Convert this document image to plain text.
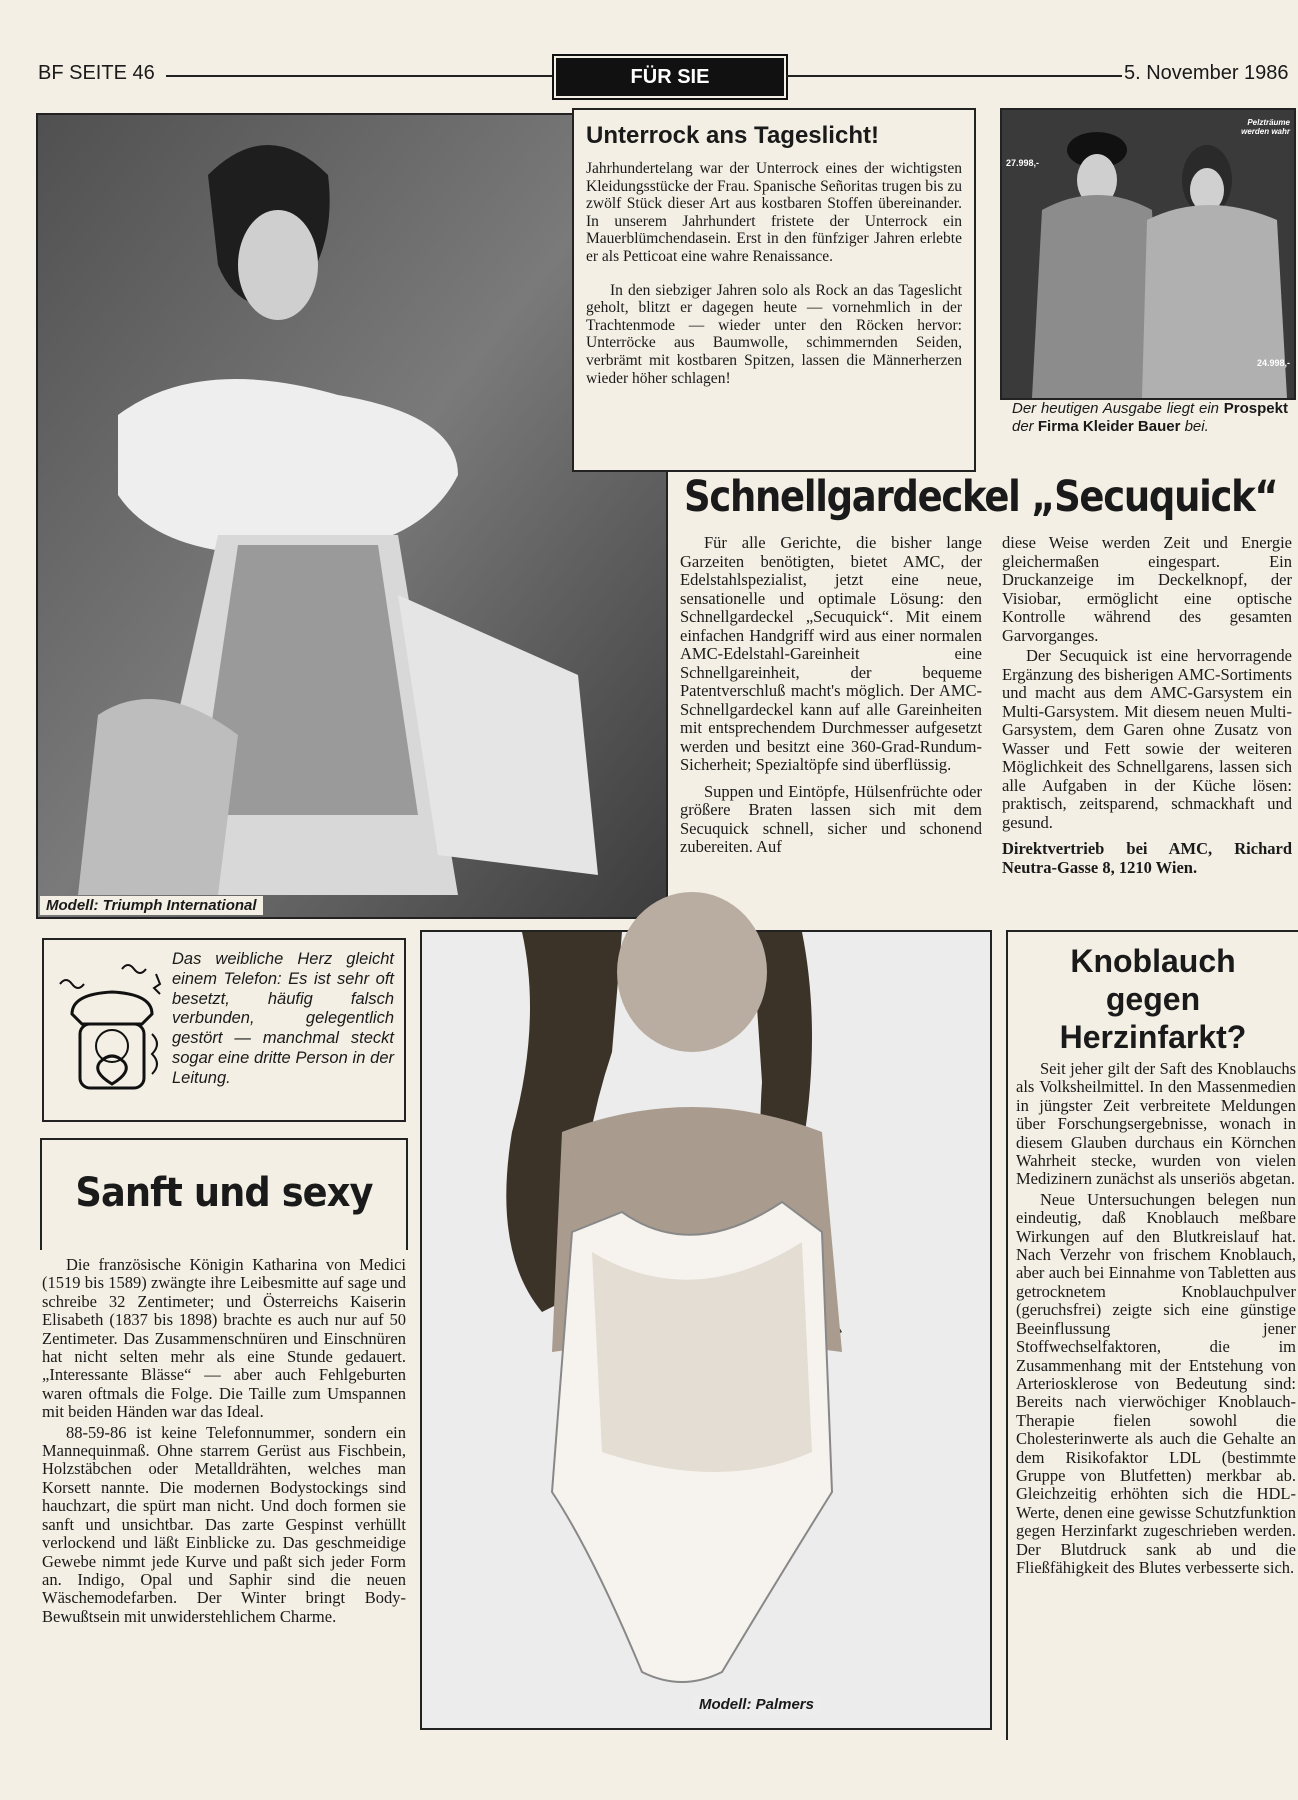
BF SEITE 46	FÜR SIE	5. November 1986
Modell: Triumph International
Unterrock ans Tageslicht!

Jahrhundertelang war der Unterrock eines der wichtigsten Kleidungsstücke der Frau. Spanische Señoritas trugen bis zu zwölf Stück dieser Art aus kostbaren Stoffen übereinander. In unserem Jahrhundert fristete der Unterrock ein Mauerblümchendasein. Erst in den fünfziger Jahren erlebte er als Petticoat eine wahre Renaissance.

In den siebziger Jahren solo als Rock an das Tageslicht geholt, blitzt er dagegen heute — vornehmlich in der Trachtenmode — wieder unter den Röcken hervor: Unterröcke aus Baumwolle, schimmernden Seiden, verbrämt mit kostbaren Spitzen, lassen die Männerherzen wieder höher schlagen!

27.998,-
Pelzträume werden wahr
24.998,-
Der heutigen Ausgabe liegt ein Prospekt der Firma Kleider Bauer bei.
Schnellgardeckel „Secuquick“

Für alle Gerichte, die bisher lange Garzeiten benötigten, bietet AMC, der Edelstahlspezialist, jetzt eine neue, sensationelle und optimale Lösung: den Schnellgardeckel „Secuquick“. Mit einem einfachen Handgriff wird aus einer normalen AMC-Edelstahl-Gareinheit eine Schnellgareinheit, der bequeme Patentverschluß macht's möglich. Der AMC-Schnellgardeckel kann auf alle Gareinheiten mit entsprechendem Durchmesser aufgesetzt werden und besitzt eine 360-Grad-Rundum-Sicherheit; Spezialtöpfe sind überflüssig.

Suppen und Eintöpfe, Hülsenfrüchte oder größere Braten lassen sich mit dem Secuquick schnell, sicher und schonend zubereiten. Auf

diese Weise werden Zeit und Energie gleichermaßen eingespart. Ein Druckanzeige im Deckelknopf, der Visiobar, ermöglicht eine optische Kontrolle während des gesamten Garvorganges.

Der Secuquick ist eine hervorragende Ergänzung des bisherigen AMC-Sortiments und macht aus dem AMC-Garsystem ein Multi-Garsystem. Mit diesem neuen Multi-Garsystem, dem Garen ohne Zusatz von Wasser und Fett sowie der weiteren Möglichkeit des Schnellgarens, lassen sich alle Aufgaben in der Küche lösen: praktisch, zeitsparend, schmackhaft und gesund.

Direktvertrieb bei AMC, Richard Neutra-Gasse 8, 1210 Wien.

Das weibliche Herz gleicht einem Telefon: Es ist sehr oft besetzt, häufig falsch verbunden, gelegentlich gestört — manchmal steckt sogar eine dritte Person in der Leitung.
Sanft und sexy

Die französische Königin Katharina von Medici (1519 bis 1589) zwängte ihre Leibesmitte auf sage und schreibe 32 Zentimeter; und Österreichs Kaiserin Elisabeth (1837 bis 1898) brachte es auch nur auf 50 Zentimeter. Das Zusammenschnüren und Einschnüren hat nicht selten mehr als eine Stunde gedauert. „Interessante Blässe“ — aber auch Fehlgeburten waren oftmals die Folge. Die Taille zum Umspannen mit beiden Händen war das Ideal.

88-59-86 ist keine Telefonnummer, sondern ein Mannequinmaß. Ohne starrem Gerüst aus Fischbein, Holzstäbchen oder Metalldrähten, welches man Korsett nannte. Die modernen Bodystockings sind hauchzart, die spürt man nicht. Und doch formen sie sanft und unsichtbar. Das zarte Gespinst verhüllt verlockend und läßt Einblicke zu. Das geschmeidige Gewebe nimmt jede Kurve und paßt sich jeder Form an. Indigo, Opal und Saphir sind die neuen Wäschemodefarben. Der Winter bringt Body-Bewußtsein mit unwiderstehlichem Charme.

Modell: Palmers
Knoblauch
gegen
Herzinfarkt?

Seit jeher gilt der Saft des Knoblauchs als Volksheilmittel. In den Massenmedien in jüngster Zeit verbreitete Meldungen über Forschungsergebnisse, wonach in diesem Glauben durchaus ein Körnchen Wahrheit stecke, wurden von vielen Medizinern zunächst als unseriös abgetan.

Neue Untersuchungen belegen nun eindeutig, daß Knoblauch meßbare Wirkungen auf den Blutkreislauf hat. Nach Verzehr von frischem Knoblauch, aber auch bei Einnahme von Tabletten aus getrocknetem Knoblauchpulver (geruchsfrei) zeigte sich eine günstige Beeinflussung jener Stoffwechselfaktoren, die im Zusammenhang mit der Entstehung von Arteriosklerose von Bedeutung sind: Bereits nach vierwöchiger Knoblauch-Therapie fielen sowohl die Cholesterinwerte als auch die Gehalte an dem Risikofaktor LDL (bestimmte Gruppe von Blutfetten) merkbar ab. Gleichzeitig erhöhten sich die HDL-Werte, denen eine gewisse Schutzfunktion gegen Herzinfarkt zugeschrieben werden. Der Blutdruck sank ab und die Fließfähigkeit des Blutes verbesserte sich.
